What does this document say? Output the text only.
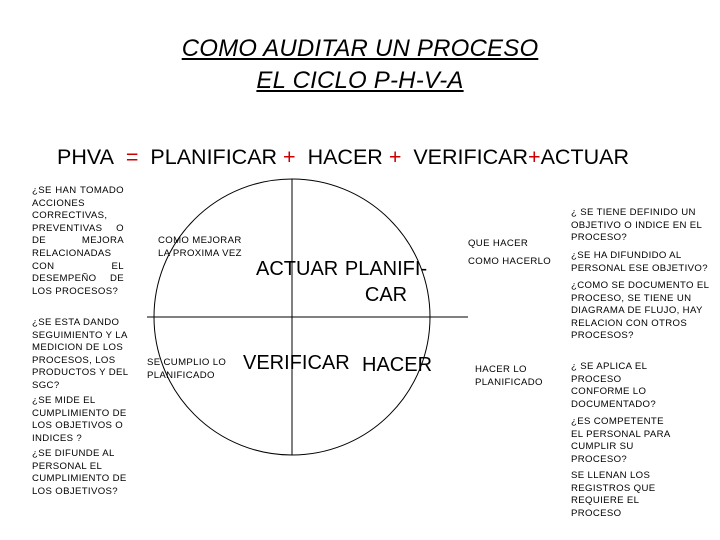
COMO AUDITAR UN PROCESO
EL CICLO P-H-V-A
PHVA = PLANIFICAR + HACER + VERIFICAR+ACTUAR
¿SE HAN TOMADO ACCIONES CORRECTIVAS, PREVENTIVAS O DE MEJORA RELACIONADAS CON EL DESEMPEÑO DE LOS PROCESOS?
¿SE ESTA DANDO SEGUIMIENTO Y LA MEDICION DE LOS PROCESOS, LOS PRODUCTOS Y DEL SGC?
¿SE MIDE EL CUMPLIMIENTO DE LOS OBJETIVOS O INDICES ?
¿SE DIFUNDE AL PERSONAL EL CUMPLIMIENTO DE LOS OBJETIVOS?
ACTUAR PLANIFI-
CAR
VERIFICAR HACER
COMO MEJORAR
LA PROXIMA VEZ
SE CUMPLIO LO
PLANIFICADO
QUE HACER
COMO HACERLO
HACER LO
PLANIFICADO
¿ SE TIENE DEFINIDO UN OBJETIVO O INDICE EN EL PROCESO?
¿SE HA DIFUNDIDO AL PERSONAL ESE OBJETIVO?
¿COMO SE DOCUMENTO EL PROCESO, SE TIENE UN DIAGRAMA DE FLUJO, HAY RELACION CON OTROS PROCESOS?
¿ SE APLICA EL PROCESO CONFORME LO DOCUMENTADO?
¿ES COMPETENTE EL PERSONAL PARA CUMPLIR SU PROCESO?
SE LLENAN LOS REGISTROS QUE REQUIERE EL PROCESO
